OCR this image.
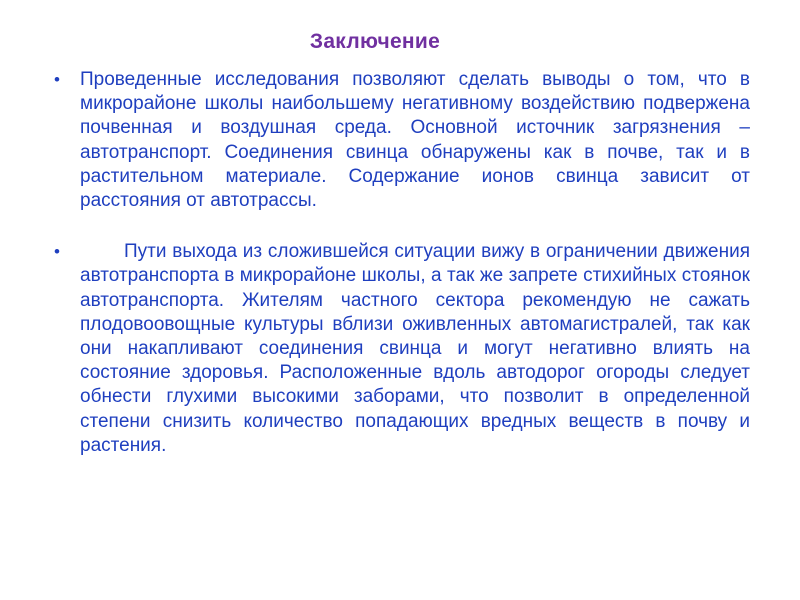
Заключение
• Проведенные исследования позволяют сделать выводы о том, что в микрорайоне школы наибольшему негативному воздействию подвержена почвенная и воздушная среда. Основной источник загрязнения – автотранспорт. Соединения свинца обнаружены как в почве, так и в растительном материале. Содержание ионов свинца зависит от расстояния от автотрассы.
•	Пути выхода из сложившейся ситуации вижу в ограничении движения автотранспорта в микрорайоне школы, а так же запрете стихийных стоянок автотранспорта. Жителям частного сектора рекомендую не сажать плодовоовощные культуры вблизи оживленных автомагистралей, так как они накапливают соединения свинца и могут негативно влиять на состояние здоровья. Расположенные вдоль автодорог огороды следует обнести глухими высокими заборами, что позволит в определенной степени снизить количество попадающих вредных веществ в почву и растения.
